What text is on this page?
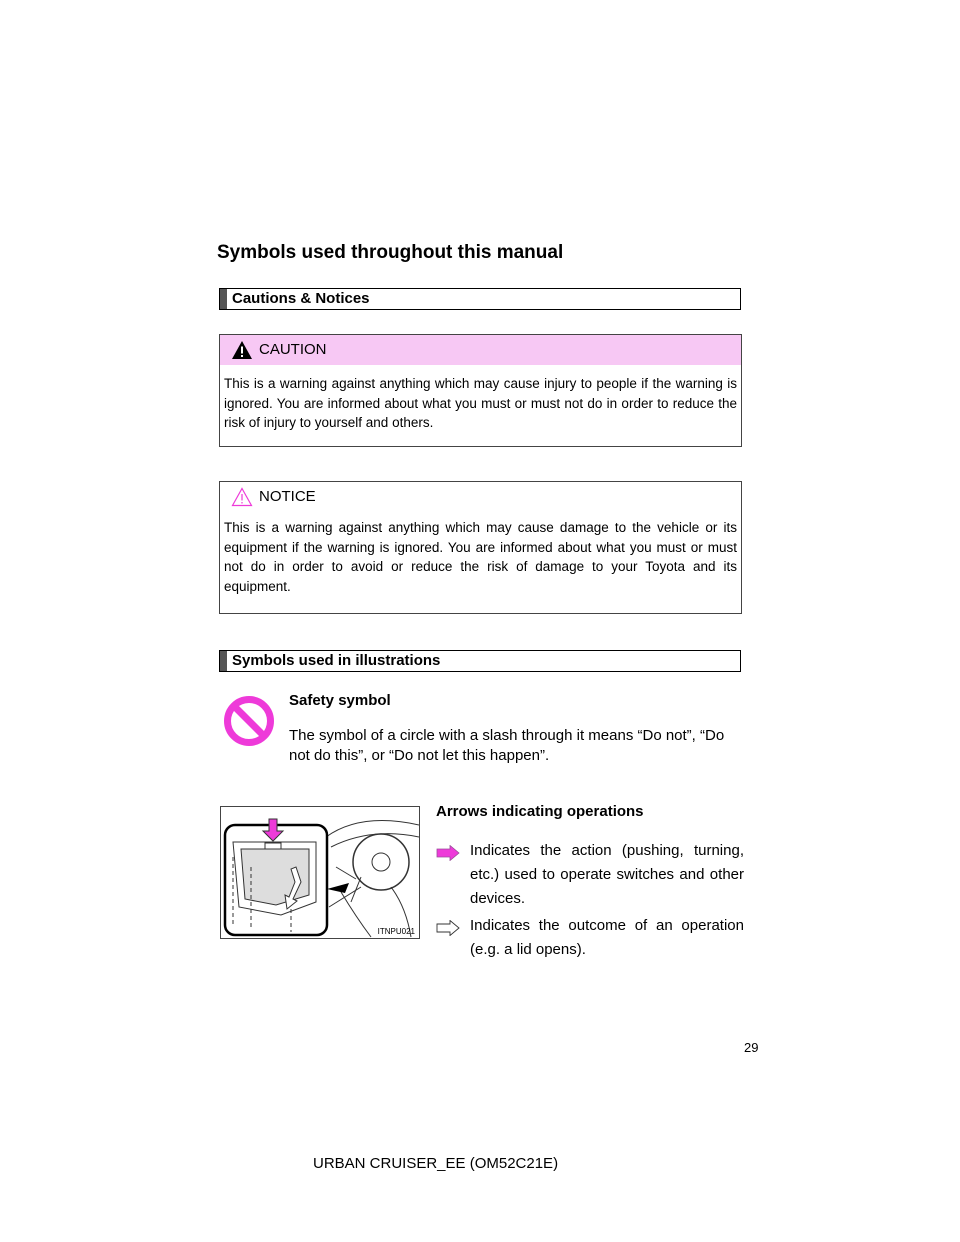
Symbols used throughout this manual
Cautions & Notices
CAUTION
This is a warning against anything which may cause injury to people if the warning is ignored. You are informed about what you must or must not do in order to reduce the risk of injury to yourself and others.
NOTICE
This is a warning against anything which may cause damage to the vehicle or its equipment if the warning is ignored. You are informed about what you must or must not do in order to avoid or reduce the risk of damage to your Toyota and its equipment.
Symbols used in illustrations
Safety symbol
The symbol of a circle with a slash through it means “Do not”, “Do not do this”, or “Do not let this happen”.
ITNPU021
Arrows indicating operations
Indicates the action (pushing, turning, etc.) used to operate switches and other devices.
Indicates the outcome of an operation (e.g. a lid opens).
29
URBAN CRUISER_EE (OM52C21E)
